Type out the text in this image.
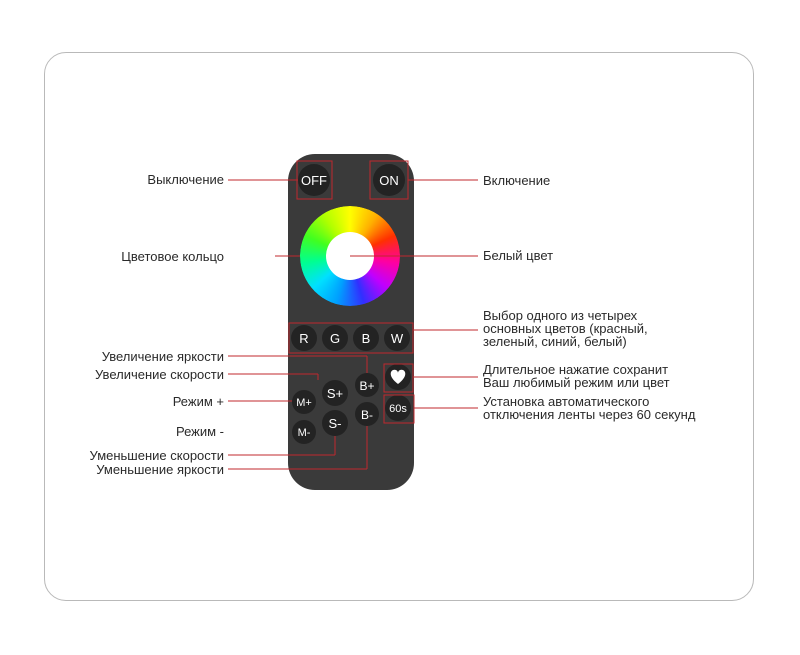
OFF	ON
R G B W
S+
S-
B+
B-
M+
M-
60s
Выключение
Цветовое кольцо
Увеличение яркости
Увеличение скорости
Режим +
Режим -
Уменьшение скорости
Уменьшение яркости
Включение
Белый цвет
Выбор одного из четырех
основных цветов (красный,
зеленый, синий, белый)
Длительное нажатие сохранит
Ваш любимый режим или цвет
Установка автоматического
отключения ленты через 60 секунд
